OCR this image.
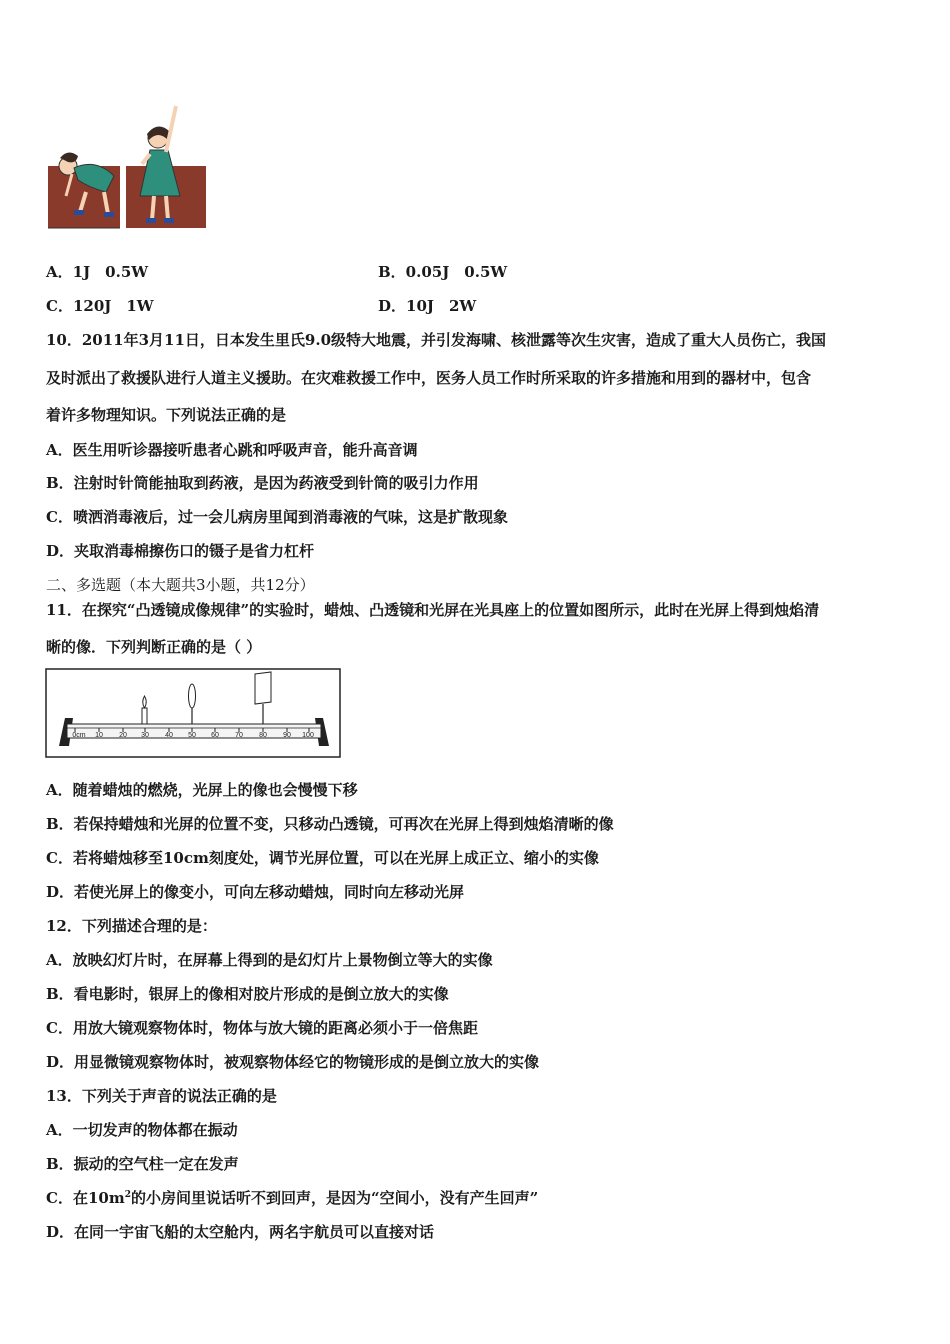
A．1J　0.5W	B．0.05J　0.5W
C．120J　1W	D．10J　2W
10．2011年3月11日，日本发生里氏9.0级特大地震，并引发海啸、核泄露等次生灾害，造成了重大人员伤亡，我国
及时派出了救援队进行人道主义援助。在灾难救援工作中，医务人员工作时所采取的许多措施和用到的器材中，包含
着许多物理知识。下列说法正确的是
A．医生用听诊器接听患者心跳和呼吸声音，能升高音调
B．注射时针筒能抽取到药液，是因为药液受到针筒的吸引力作用
C．喷洒消毒液后，过一会儿病房里闻到消毒液的气味，这是扩散现象
D．夹取消毒棉擦伤口的镊子是省力杠杆
二、多选题（本大题共3小题，共12分）
11．在探究“凸透镜成像规律”的实验时，蜡烛、凸透镜和光屏在光具座上的位置如图所示，此时在光屏上得到烛焰清
晰的像．下列判断正确的是（ ）
0cm 10 20 30 40 50 60 70 80 90 100
A．随着蜡烛的燃烧，光屏上的像也会慢慢下移
B．若保持蜡烛和光屏的位置不变，只移动凸透镜，可再次在光屏上得到烛焰清晰的像
C．若将蜡烛移至10cm刻度处，调节光屏位置，可以在光屏上成正立、缩小的实像
D．若使光屏上的像变小，可向左移动蜡烛，同时向左移动光屏
12．下列描述合理的是：
A．放映幻灯片时，在屏幕上得到的是幻灯片上景物倒立等大的实像
B．看电影时，银屏上的像相对胶片形成的是倒立放大的实像
C．用放大镜观察物体时，物体与放大镜的距离必须小于一倍焦距
D．用显微镜观察物体时，被观察物体经它的物镜形成的是倒立放大的实像
13．下列关于声音的说法正确的是
A．一切发声的物体都在振动
B．振动的空气柱一定在发声
C．在$10m^2$的小房间里说话听不到回声，是因为“空间小，没有产生回声”
D．在同一宇宙飞船的太空舱内，两名宇航员可以直接对话
